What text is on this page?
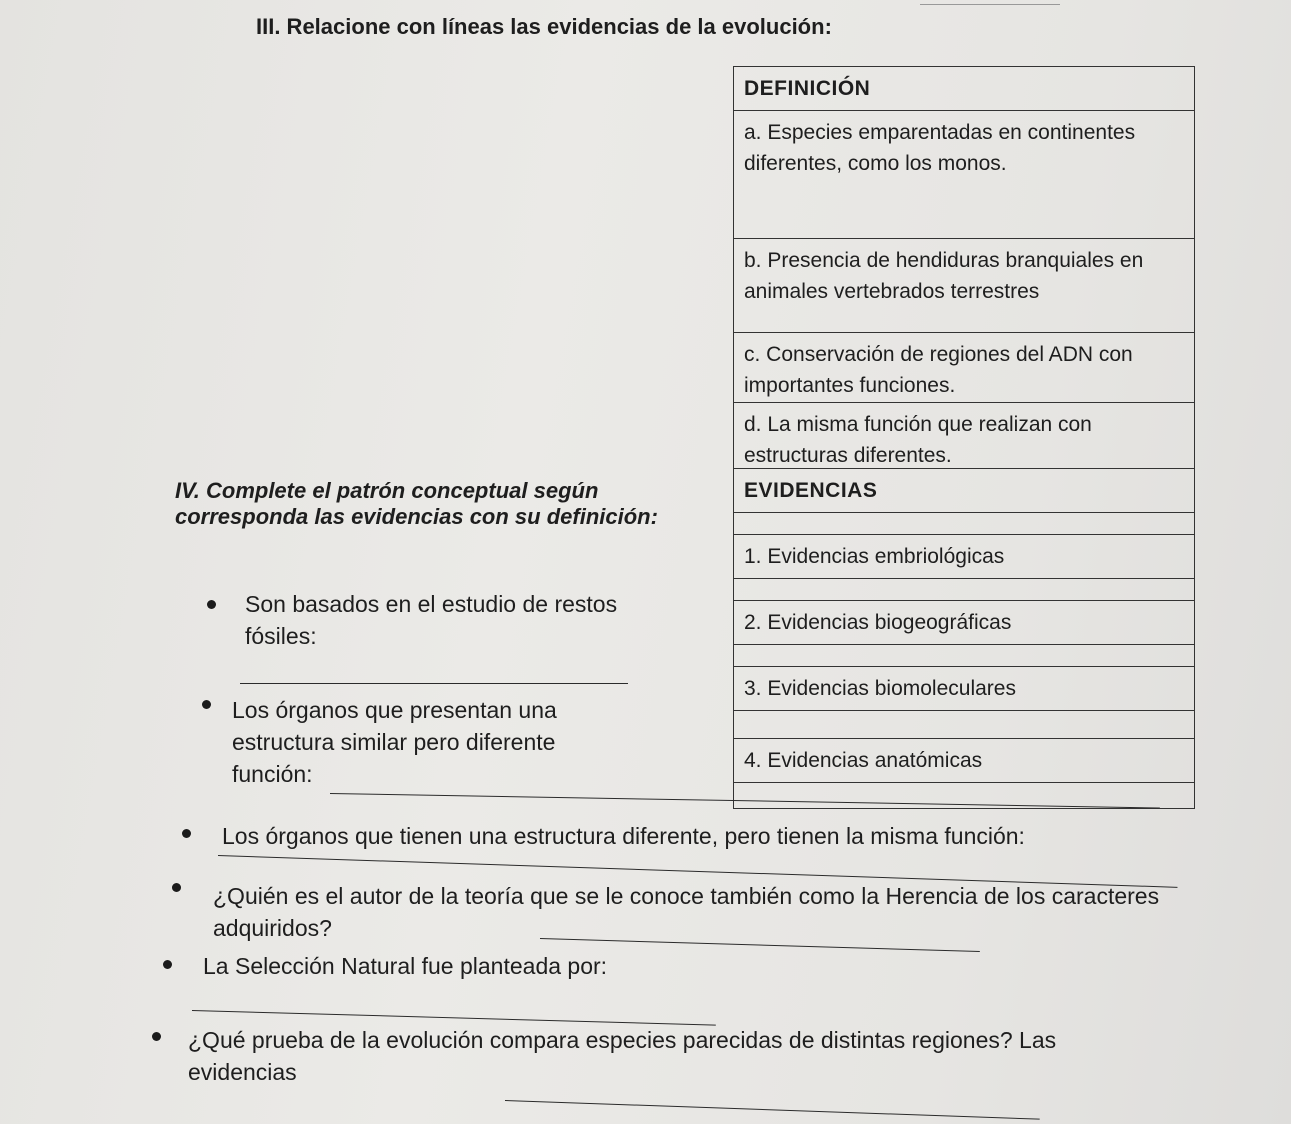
III. Relacione con líneas las evidencias de la evolución:
DEFINICIÓN
a. Especies emparentadas en continentes diferentes, como los monos.
b. Presencia de hendiduras branquiales en animales vertebrados terrestres
c. Conservación de regiones del ADN con importantes funciones.
d. La misma función que realizan con estructuras diferentes.
EVIDENCIAS
1. Evidencias embriológicas
2. Evidencias biogeográficas
3. Evidencias biomoleculares
4. Evidencias anatómicas
IV. Complete el patrón conceptual según corresponda las evidencias con su definición:
Son basados en el estudio de restos fósiles:
Los órganos que presentan una estructura similar pero diferente función:
Los órganos que tienen una estructura diferente, pero tienen la misma función:
¿Quién es el autor de la teoría que se le conoce también como la Herencia de los caracteres adquiridos?
La Selección Natural fue planteada por:
¿Qué prueba de la evolución compara especies parecidas de distintas regiones? Las evidencias
